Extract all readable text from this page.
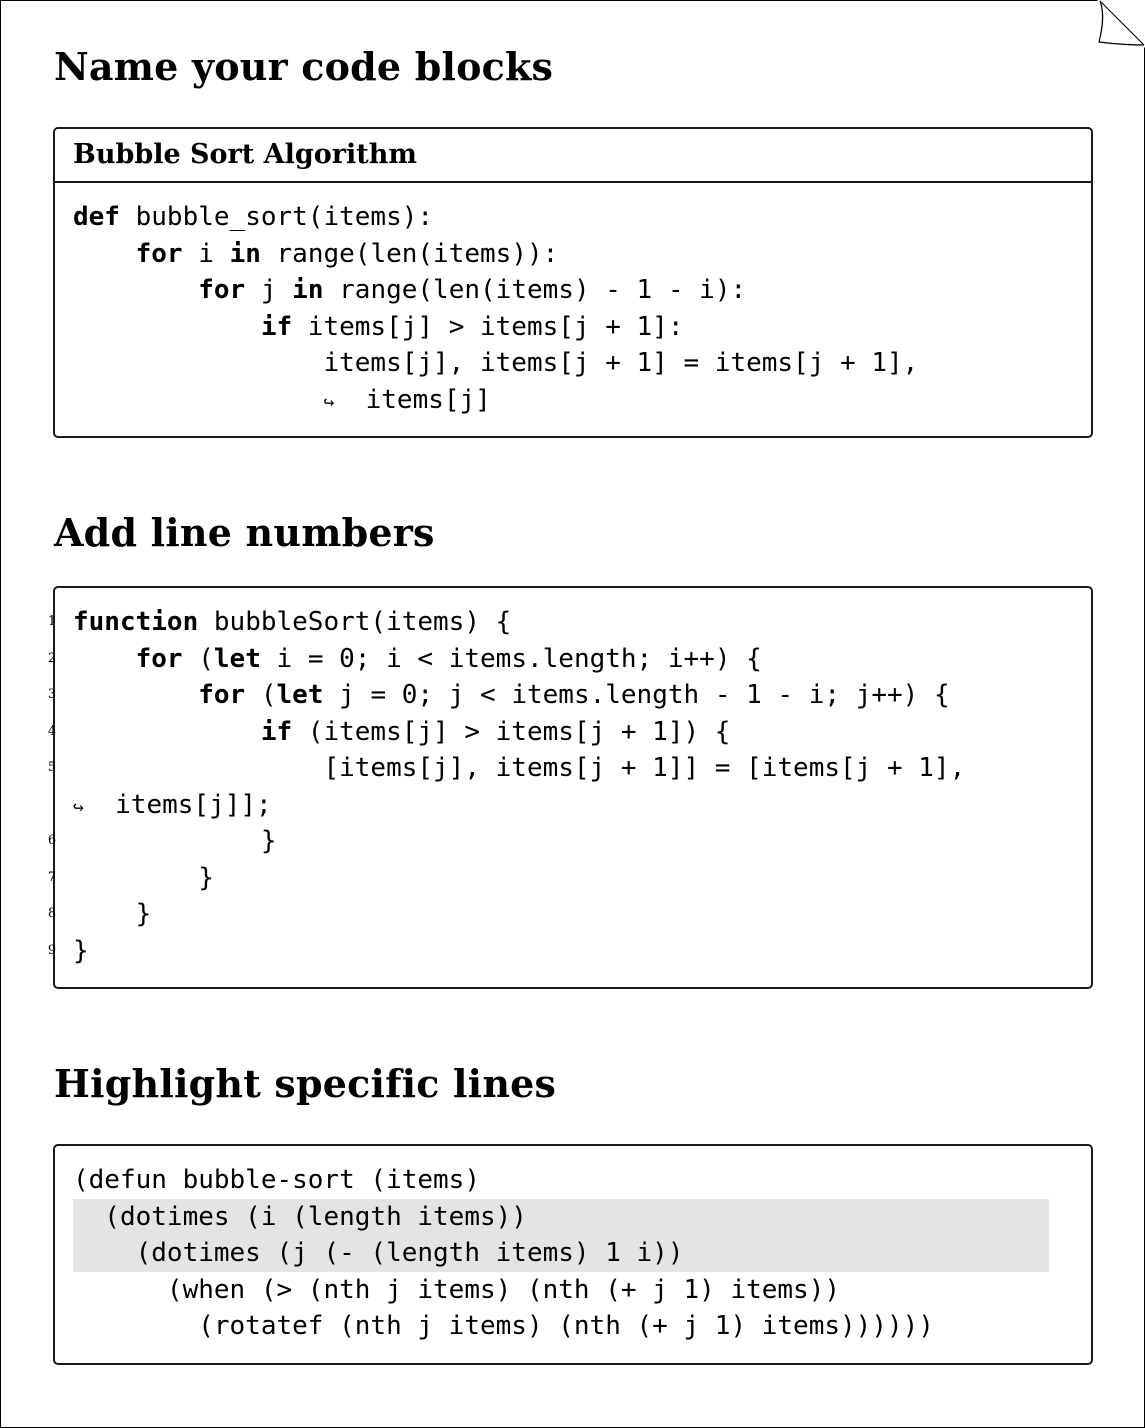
Name your code blocks
Bubble Sort Algorithm
def bubble_sort(items):
for i in range(len(items)):
for j in range(len(items) - 1 - i):
if items[j] > items[j + 1]:
items[j], items[j + 1] = items[j + 1],
↪  items[j]
Add line numbers
1 function bubbleSort(items) {
2	for (let i = 0; i < items.length; i++) {
3	for (let j = 0; j < items.length - 1 - i; j++) {
4	if (items[j] > items[j + 1]) {
5	[items[j], items[j + 1]] = [items[j + 1],
↪  items[j]];
6	}
7	}
8	}
9 }
Highlight specific lines
(defun bubble-sort (items)
(dotimes (i (length items))
(dotimes (j (- (length items) 1 i))
(when (> (nth j items) (nth (+ j 1) items))
(rotatef (nth j items) (nth (+ j 1) items))))))
